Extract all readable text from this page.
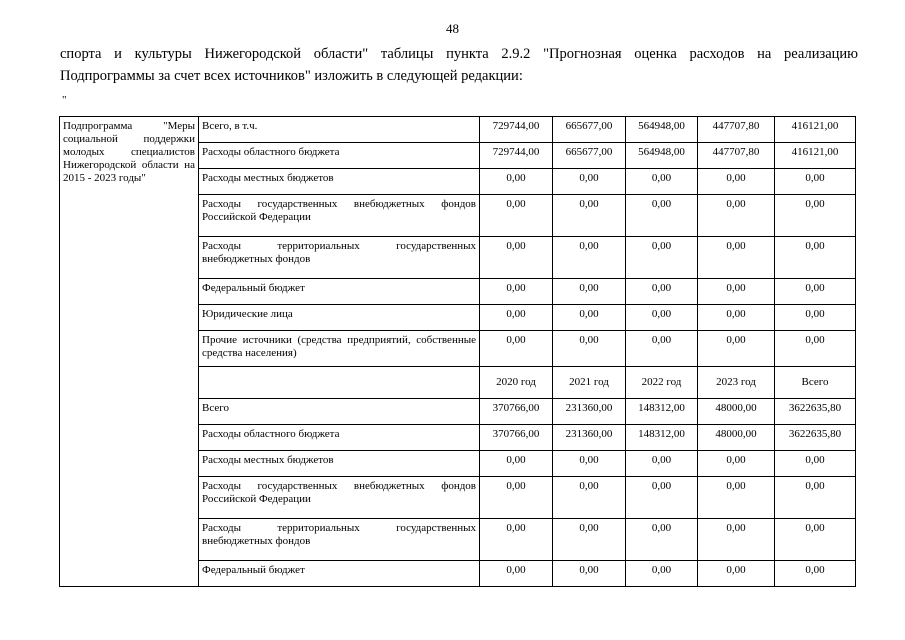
48
спорта и культуры Нижегородской области" таблицы пункта 2.9.2 "Прогнозная оценка расходов на реализацию
Подпрограммы за счет всех источников" изложить в следующей редакции:
"
Подпрограмма "Меры социальной поддержки молодых специалистов Нижегородской области на 2015 - 2023 годы"	Всего, в т.ч.	729744,00	665677,00	564948,00	447707,80	416121,00
	Расходы областного бюджета	729744,00	665677,00	564948,00	447707,80	416121,00
	Расходы местных бюджетов	0,00	0,00	0,00	0,00	0,00
	Расходы государственных внебюджетных фондов Российской Федерации	0,00	0,00	0,00	0,00	0,00
	Расходы территориальных государственных внебюджетных фондов	0,00	0,00	0,00	0,00	0,00
	Федеральный бюджет	0,00	0,00	0,00	0,00	0,00
	Юридические лица	0,00	0,00	0,00	0,00	0,00
	Прочие источники (средства предприятий, собственные средства населения)	0,00	0,00	0,00	0,00	0,00
		2020 год	2021 год	2022 год	2023 год	Всего
	Всего	370766,00	231360,00	148312,00	48000,00	3622635,80
	Расходы областного бюджета	370766,00	231360,00	148312,00	48000,00	3622635,80
	Расходы местных бюджетов	0,00	0,00	0,00	0,00	0,00
	Расходы государственных внебюджетных фондов Российской Федерации	0,00	0,00	0,00	0,00	0,00
	Расходы территориальных государственных внебюджетных фондов	0,00	0,00	0,00	0,00	0,00
	Федеральный бюджет	0,00	0,00	0,00	0,00	0,00
